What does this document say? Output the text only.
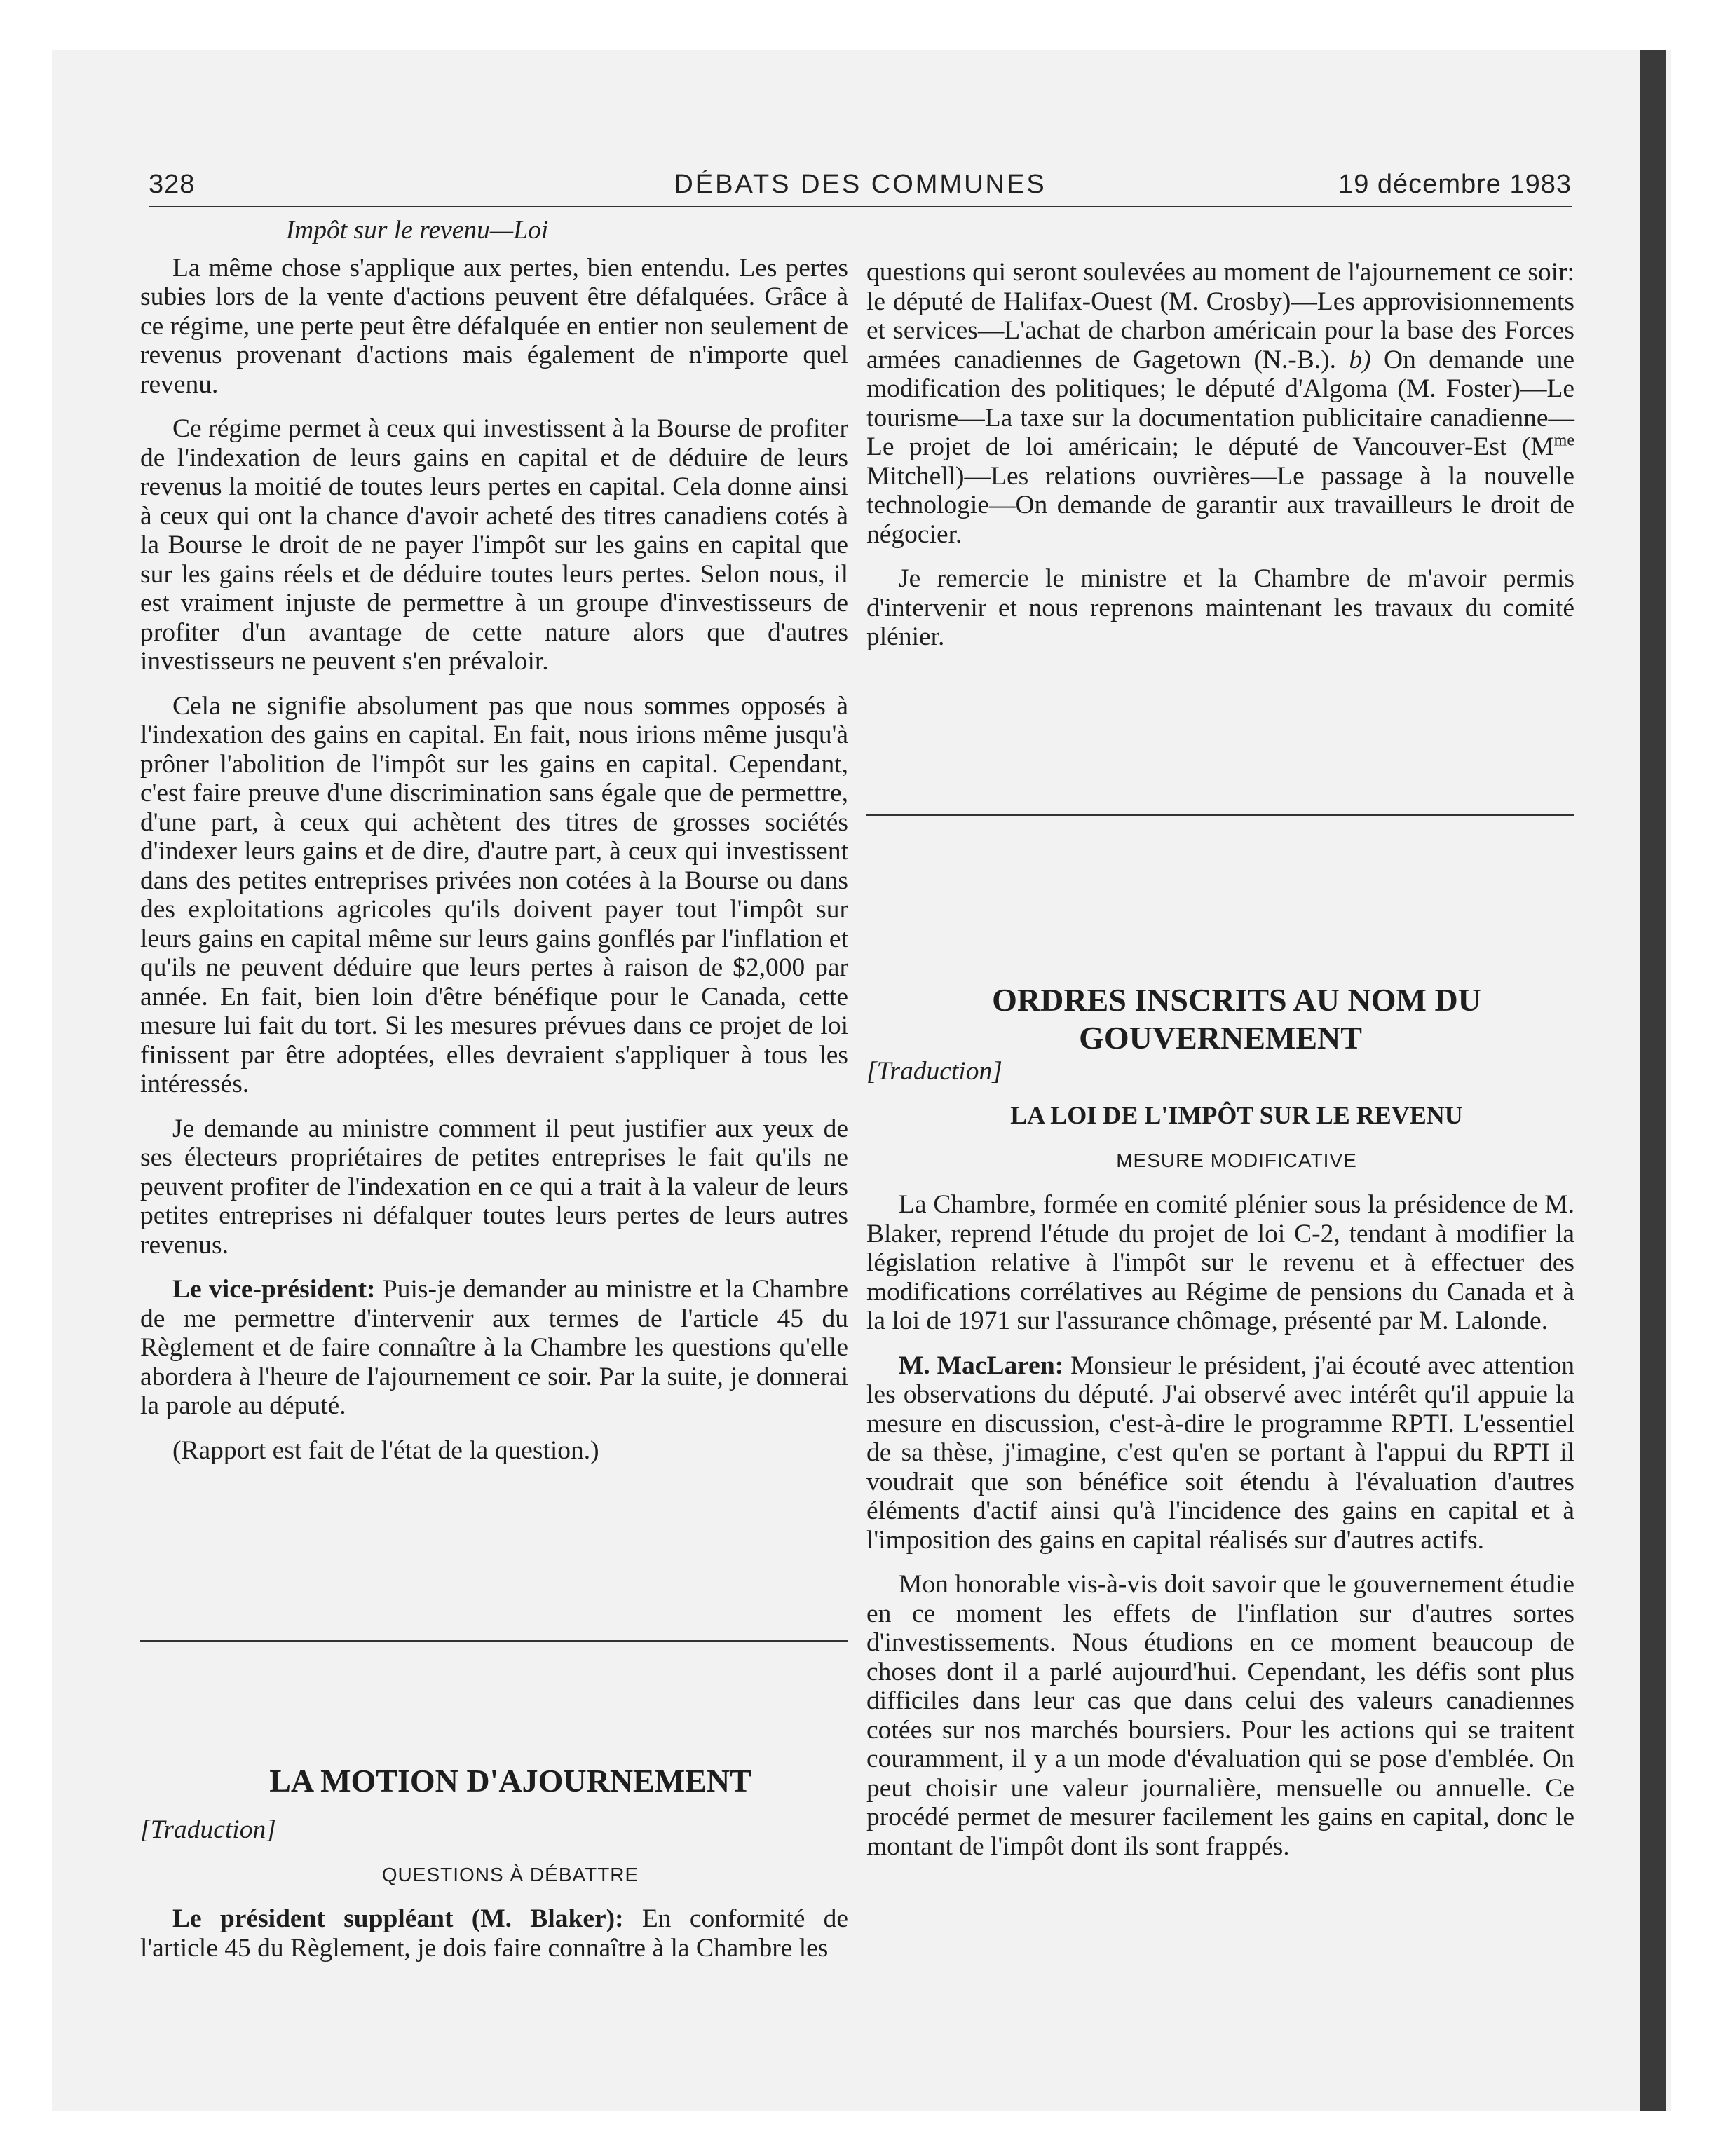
328	DÉBATS DES COMMUNES	19 décembre 1983

Impôt sur le revenu—Loi

La même chose s'applique aux pertes, bien entendu. Les pertes subies lors de la vente d'actions peuvent être défalquées. Grâce à ce régime, une perte peut être défalquée en entier non seulement de revenus provenant d'actions mais également de n'importe quel revenu.

Ce régime permet à ceux qui investissent à la Bourse de profiter de l'indexation de leurs gains en capital et de déduire de leurs revenus la moitié de toutes leurs pertes en capital. Cela donne ainsi à ceux qui ont la chance d'avoir acheté des titres canadiens cotés à la Bourse le droit de ne payer l'impôt sur les gains en capital que sur les gains réels et de déduire toutes leurs pertes. Selon nous, il est vraiment injuste de permettre à un groupe d'investisseurs de profiter d'un avantage de cette nature alors que d'autres investisseurs ne peuvent s'en prévaloir.

Cela ne signifie absolument pas que nous sommes opposés à l'indexation des gains en capital. En fait, nous irions même jusqu'à prôner l'abolition de l'impôt sur les gains en capital. Cependant, c'est faire preuve d'une discrimination sans égale que de permettre, d'une part, à ceux qui achètent des titres de grosses sociétés d'indexer leurs gains et de dire, d'autre part, à ceux qui investissent dans des petites entreprises privées non cotées à la Bourse ou dans des exploitations agricoles qu'ils doivent payer tout l'impôt sur leurs gains en capital même sur leurs gains gonflés par l'inflation et qu'ils ne peuvent déduire que leurs pertes à raison de $2,000 par année. En fait, bien loin d'être bénéfique pour le Canada, cette mesure lui fait du tort. Si les mesures prévues dans ce projet de loi finissent par être adoptées, elles devraient s'appliquer à tous les intéressés.

Je demande au ministre comment il peut justifier aux yeux de ses électeurs propriétaires de petites entreprises le fait qu'ils ne peuvent profiter de l'indexation en ce qui a trait à la valeur de leurs petites entreprises ni défalquer toutes leurs pertes de leurs autres revenus.

Le vice-président: Puis-je demander au ministre et la Chambre de me permettre d'intervenir aux termes de l'article 45 du Règlement et de faire connaître à la Chambre les questions qu'elle abordera à l'heure de l'ajournement ce soir. Par la suite, je donnerai la parole au député.

(Rapport est fait de l'état de la question.)

LA MOTION D'AJOURNEMENT

[Traduction]

QUESTIONS À DÉBATTRE

Le président suppléant (M. Blaker): En conformité de l'article 45 du Règlement, je dois faire connaître à la Chambre les

questions qui seront soulevées au moment de l'ajournement ce soir: le député de Halifax-Ouest (M. Crosby)—Les approvisionnements et services—L'achat de charbon américain pour la base des Forces armées canadiennes de Gagetown (N.-B.). b) On demande une modification des politiques; le député d'Algoma (M. Foster)—Le tourisme—La taxe sur la documentation publicitaire canadienne—Le projet de loi américain; le député de Vancouver-Est ($M^{me}$ Mitchell)—Les relations ouvrières—Le passage à la nouvelle technologie—On demande de garantir aux travailleurs le droit de négocier.

Je remercie le ministre et la Chambre de m'avoir permis d'intervenir et nous reprenons maintenant les travaux du comité plénier.

ORDRES INSCRITS AU NOM DU GOUVERNEMENT

[Traduction]

LA LOI DE L'IMPÔT SUR LE REVENU

MESURE MODIFICATIVE

La Chambre, formée en comité plénier sous la présidence de M. Blaker, reprend l'étude du projet de loi C-2, tendant à modifier la législation relative à l'impôt sur le revenu et à effectuer des modifications corrélatives au Régime de pensions du Canada et à la loi de 1971 sur l'assurance chômage, présenté par M. Lalonde.

M. MacLaren: Monsieur le président, j'ai écouté avec attention les observations du député. J'ai observé avec intérêt qu'il appuie la mesure en discussion, c'est-à-dire le programme RPTI. L'essentiel de sa thèse, j'imagine, c'est qu'en se portant à l'appui du RPTI il voudrait que son bénéfice soit étendu à l'évaluation d'autres éléments d'actif ainsi qu'à l'incidence des gains en capital et à l'imposition des gains en capital réalisés sur d'autres actifs.

Mon honorable vis-à-vis doit savoir que le gouvernement étudie en ce moment les effets de l'inflation sur d'autres sortes d'investissements. Nous étudions en ce moment beaucoup de choses dont il a parlé aujourd'hui. Cependant, les défis sont plus difficiles dans leur cas que dans celui des valeurs canadiennes cotées sur nos marchés boursiers. Pour les actions qui se traitent couramment, il y a un mode d'évaluation qui se pose d'emblée. On peut choisir une valeur journalière, mensuelle ou annuelle. Ce procédé permet de mesurer facilement les gains en capital, donc le montant de l'impôt dont ils sont frappés.
